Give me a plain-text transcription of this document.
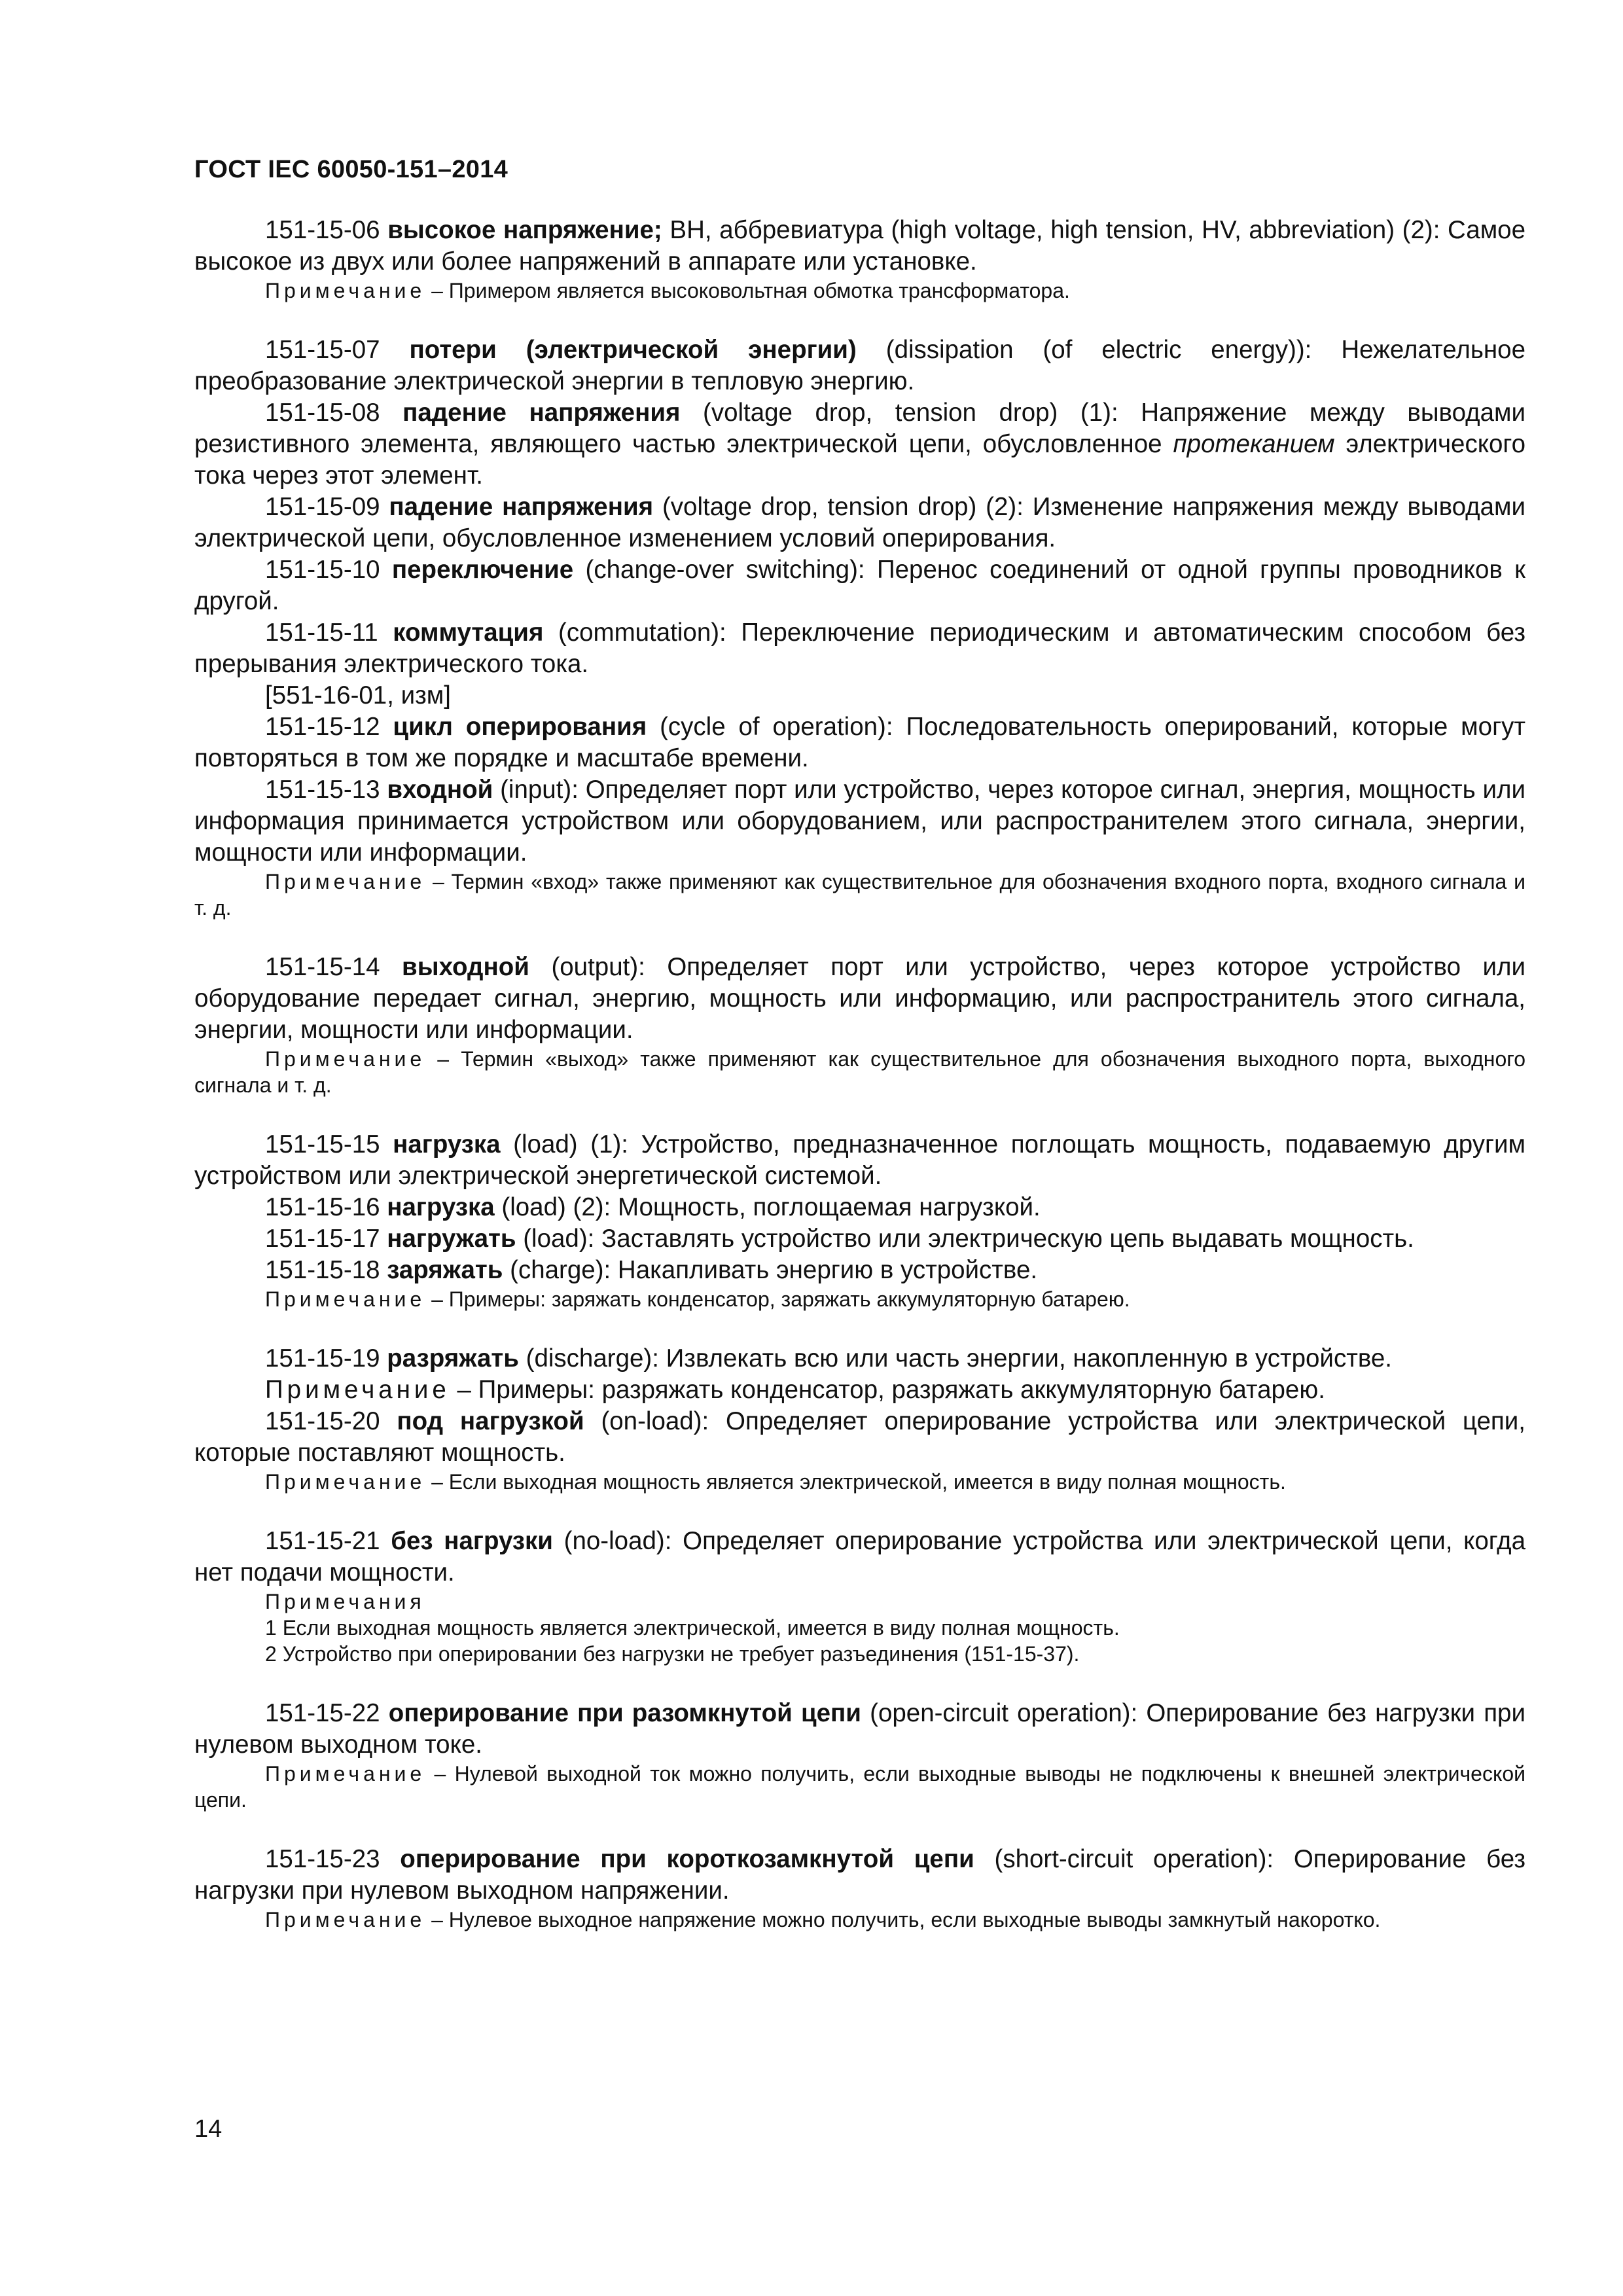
ГОСТ IEC 60050-151–2014

151-15-06 высокое напряжение; ВН, аббревиатура (high voltage, high tension, HV, abbreviation) (2): Самое высокое из двух или более напряжений в аппарате или установке.

Примечание – Примером является высоковольтная обмотка трансформатора.

151-15-07 потери (электрической энергии) (dissipation (of electric energy)): Нежелательное преобразование электрической энергии в тепловую энергию.

151-15-08 падение напряжения (voltage drop, tension drop) (1): Напряжение между выводами резистивного элемента, являющего частью электрической цепи, обусловленное протеканием электрического тока через этот элемент.

151-15-09 падение напряжения (voltage drop, tension drop) (2): Изменение напряжения между выводами электрической цепи, обусловленное изменением условий оперирования.

151-15-10 переключение (change-over switching): Перенос соединений от одной группы проводников к другой.

151-15-11 коммутация (commutation): Переключение периодическим и автоматическим способом без прерывания электрического тока.

[551-16-01, изм]

151-15-12 цикл оперирования (cycle of operation): Последовательность оперирований, которые могут повторяться в том же порядке и масштабе времени.

151-15-13 входной (input): Определяет порт или устройство, через которое сигнал, энергия, мощность или информация принимается устройством или оборудованием, или распространителем этого сигнала, энергии, мощности или информации.

Примечание – Термин «вход» также применяют как существительное для обозначения входного порта, входного сигнала и т. д.

151-15-14 выходной (output): Определяет порт или устройство, через которое устройство или оборудование передает сигнал, энергию, мощность или информацию, или распространитель этого сигнала, энергии, мощности или информации.

Примечание – Термин «выход» также применяют как существительное для обозначения выходного порта, выходного сигнала и т. д.

151-15-15 нагрузка (load) (1): Устройство, предназначенное поглощать мощность, подаваемую другим устройством или электрической энергетической системой.

151-15-16 нагрузка (load) (2): Мощность, поглощаемая нагрузкой.

151-15-17 нагружать (load): Заставлять устройство или электрическую цепь выдавать мощность.

151-15-18 заряжать (charge): Накапливать энергию в устройстве.

Примечание – Примеры: заряжать конденсатор, заряжать аккумуляторную батарею.

151-15-19 разряжать (discharge): Извлекать всю или часть энергии, накопленную в устройстве.

Примечание – Примеры: разряжать конденсатор, разряжать аккумуляторную батарею.

151-15-20 под нагрузкой (on-load): Определяет оперирование устройства или электрической цепи, которые поставляют мощность.

Примечание – Если выходная мощность является электрической, имеется в виду полная мощность.

151-15-21 без нагрузки (no-load): Определяет оперирование устройства или электрической цепи, когда нет подачи мощности.

Примечания

1 Если выходная мощность является электрической, имеется в виду полная мощность.

2 Устройство при оперировании без нагрузки не требует разъединения (151-15-37).

151-15-22 оперирование при разомкнутой цепи (open-circuit operation): Оперирование без нагрузки при нулевом выходном токе.

Примечание – Нулевой выходной ток можно получить, если выходные выводы не подключены к внешней электрической цепи.

151-15-23 оперирование при короткозамкнутой цепи (short-circuit operation): Оперирование без нагрузки при нулевом выходном напряжении.

Примечание – Нулевое выходное напряжение можно получить, если выходные выводы замкнутый накоротко.

14
